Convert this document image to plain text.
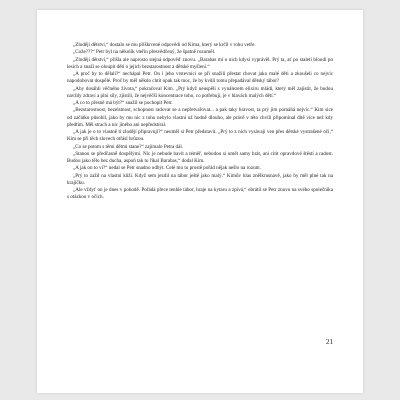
„Zlodějí dětství,“ dostalo se mu příškrcené odpovědi od Kima, který se krčil v rohu vetře.

„Cože???“ Petr byl na několik vteřin přesvědčený, že špatně rozuměl.

„Zlodějí dětství,“ přišla ale naprosto stejná odpověď znovu. „Barabas mi o nich kdysi vyprávěl. Prý ta, ať po staletí bloudí po lesích a snaží se oloupit děti o jejich bezstarostnost a dětské myšlení.“

„A proč by to dělali?“ nechápal Petr. On i jeho vrstevníci se při snažili přestat chovat jako malé děti a zkoušeli co nejvíc napodobovat dospělé. Proč by měl někdo chtít opak tak moc, že by kvůli tomu přepadával dětský tábor?

„Aby dosáhli věčného života,“ pokračoval Kim. „Prý když neuspěli s vynálezem elixíru mládí, který měl zajistit, že budou navždy zdraví a plní síly, zjistili, že nejvěčší koncentrace toho, co potřebují, je v hlavách malých dětí.“

„A co to přesně má být?“ snažil se pochopit Petr.

„Bezstarostnost, bezelstnost, schopnost radovat se a nepřetvařovat... a pak taky hravost, ta prý jim pomáhá nejvíc.“ Kim sice od začátku působil, jako by mu nic z toho nebylo vlastní už hodně dlouho, ale právě v této chvíli připomínal dítě více než kdy předtím. Měl strach a nic jiného ani nepředstíral.

„A jak je o to vlastně ti zlodějí připravují?“ neuměl si Petr představit. „Prý to z nich vysávají ven přes dětské vystrašené oči,“ Kim se při těch slovech otřásl hrůzou.

„Co se potom s těmi dětmi stane?“ zajímalo Petra dál.

„Stanou se předčasně dospělými. Nic je nebude bavit a téměř, nebudou si umět samy hrát, ani cítit opravdové štěstí a radost. Budou jako tělo bez ducha, aspoň tak to říkal Barabas,“ dodal Kim.

„A jak on to ví?“ nedal se Petr snadno odbýt. Celé mu to prostě pořád nějak nešlo na rozum.

„Prý to zažil na vlastní kůži. Když sem jezdil na tábor ještě jako malý.“ Kimův hlas znělkrusnavě, jako by měl plné tak na krajíčku.

„Ale vždyť on je dnes v pohodě. Pořádá přece tenhle tábor, hraje na kytaru a zpívá,“ obrátil se Petr znovu na svého společníka s otázkou v očích.

21
